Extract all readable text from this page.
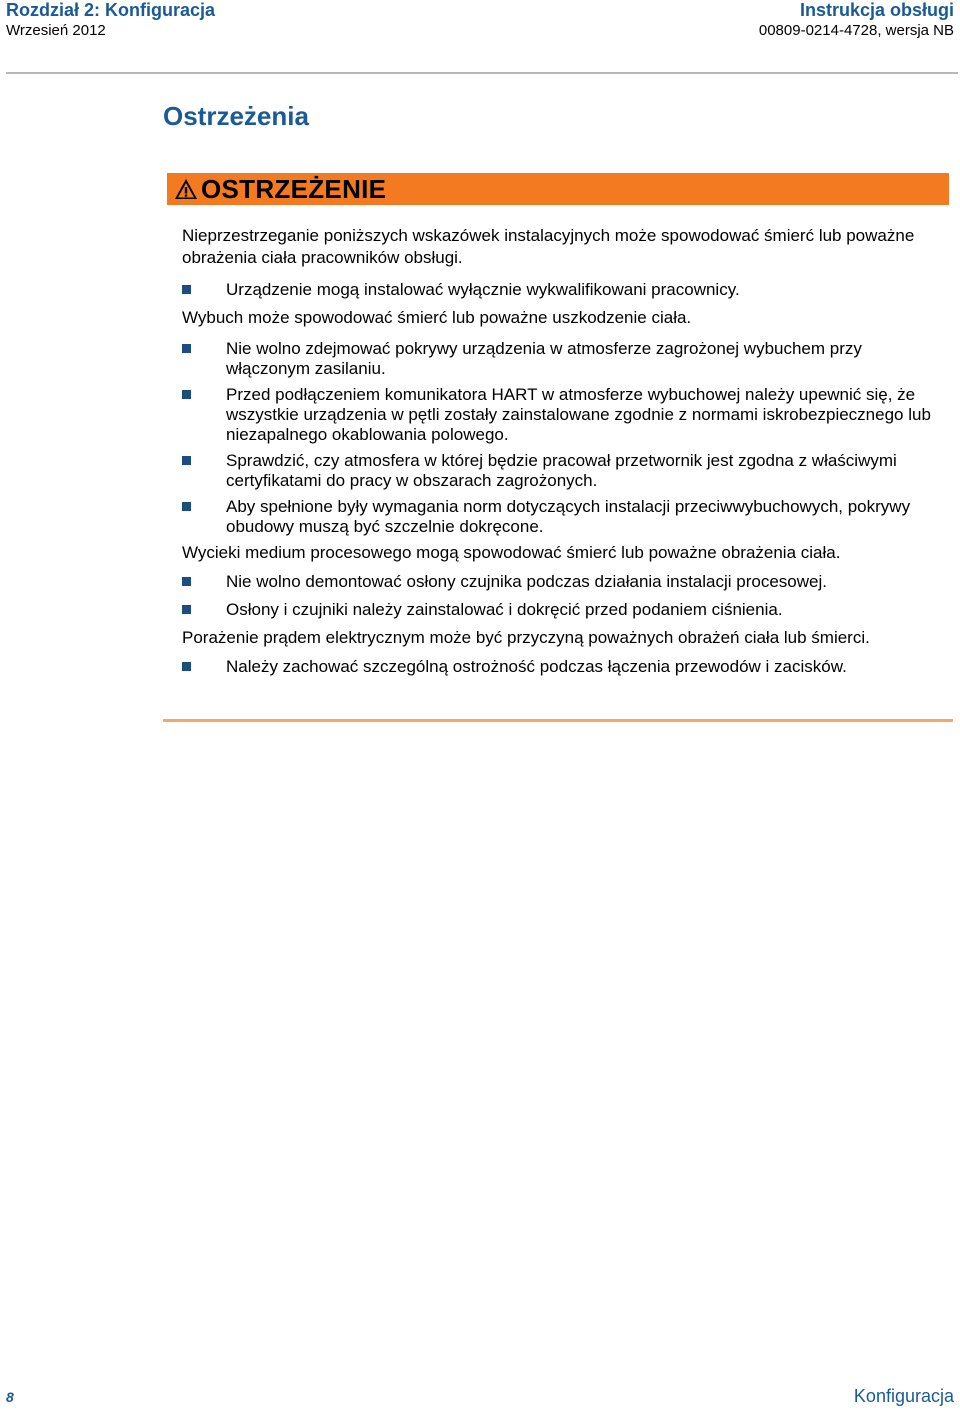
Rozdział 2: Konfiguracja
Wrzesień 2012
Instrukcja obsługi
00809-0214-4728, wersja NB
Ostrzeżenia
OSTRZEŻENIE

Nieprzestrzeganie poniższych wskazówek instalacyjnych może spowodować śmierć lub poważne obrażenia ciała pracowników obsługi.

Urządzenie mogą instalować wyłącznie wykwalifikowani pracownicy.

Wybuch może spowodować śmierć lub poważne uszkodzenie ciała.

Nie wolno zdejmować pokrywy urządzenia w atmosferze zagrożonej wybuchem przy włączonym zasilaniu.
Przed podłączeniem komunikatora HART w atmosferze wybuchowej należy upewnić się, że wszystkie urządzenia w pętli zostały zainstalowane zgodnie z normami iskrobezpiecznego lub niezapalnego okablowania polowego.
Sprawdzić, czy atmosfera w której będzie pracował przetwornik jest zgodna z właściwymi certyfikatami do pracy w obszarach zagrożonych.
Aby spełnione były wymagania norm dotyczących instalacji przeciwwybuchowych, pokrywy obudowy muszą być szczelnie dokręcone.

Wycieki medium procesowego mogą spowodować śmierć lub poważne obrażenia ciała.

Nie wolno demontować osłony czujnika podczas działania instalacji procesowej.
Osłony i czujniki należy zainstalować i dokręcić przed podaniem ciśnienia.

Porażenie prądem elektrycznym może być przyczyną poważnych obrażeń ciała lub śmierci.

Należy zachować szczególną ostrożność podczas łączenia przewodów i zacisków.
8	Konfiguracja
